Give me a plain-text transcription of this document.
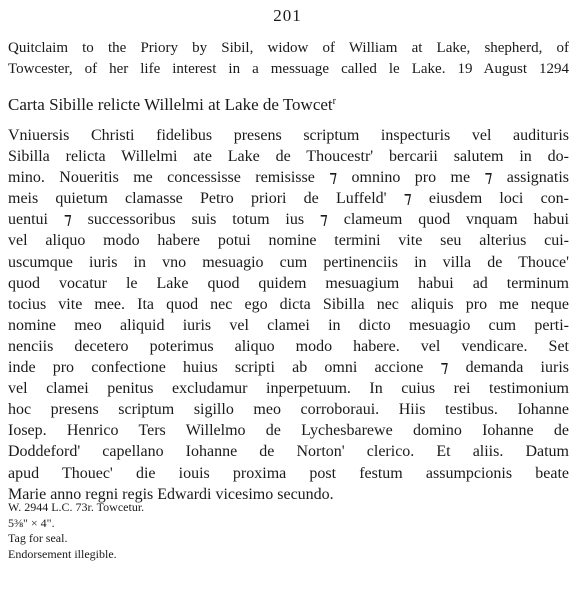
201
Quitclaim to the Priory by Sibil, widow of William at Lake, shepherd, of
Towcester, of her life interest in a messuage called le Lake. 19 August 1294
Carta Sibille relicte Willelmi at Lake de Towcet$^r$
Vniuersis Christi fidelibus presens scriptum inspecturis vel audituris
Sibilla relicta Willelmi ate Lake de Thoucestr' bercarii salutem in do-
mino. Noueritis me concessisse remisisse ⁊ omnino pro me ⁊ assignatis
meis quietum clamasse Petro priori de Luffeld' ⁊ eiusdem loci con-
uentui ⁊ successoribus suis totum ius ⁊ clameum quod vnquam habui
vel aliquo modo habere potui nomine termini vite seu alterius cui-
uscumque iuris in vno mesuagio cum pertinenciis in villa de Thouce'
quod vocatur le Lake quod quidem mesuagium habui ad terminum
tocius vite mee. Ita quod nec ego dicta Sibilla nec aliquis pro me neque
nomine meo aliquid iuris vel clamei in dicto mesuagio cum perti-
nenciis decetero poterimus aliquo modo habere. vel vendicare. Set
inde pro confectione huius scripti ab omni accione ⁊ demanda iuris
vel clamei penitus excludamur inperpetuum. In cuius rei testimonium
hoc presens scriptum sigillo meo corroboraui. Hiis testibus. Iohanne
Iosep. Henrico Ters Willelmo de Lychesbarewe domino Iohanne de
Doddeford' capellano Iohanne de Norton' clerico. Et aliis. Datum
apud Thouec' die iouis proxima post festum assumpcionis beate
Marie anno regni regis Edwardi vicesimo secundo.
W. 2944 L.C. 73r. Towcetur.
5⅜" × 4".
Tag for seal.
Endorsement illegible.
